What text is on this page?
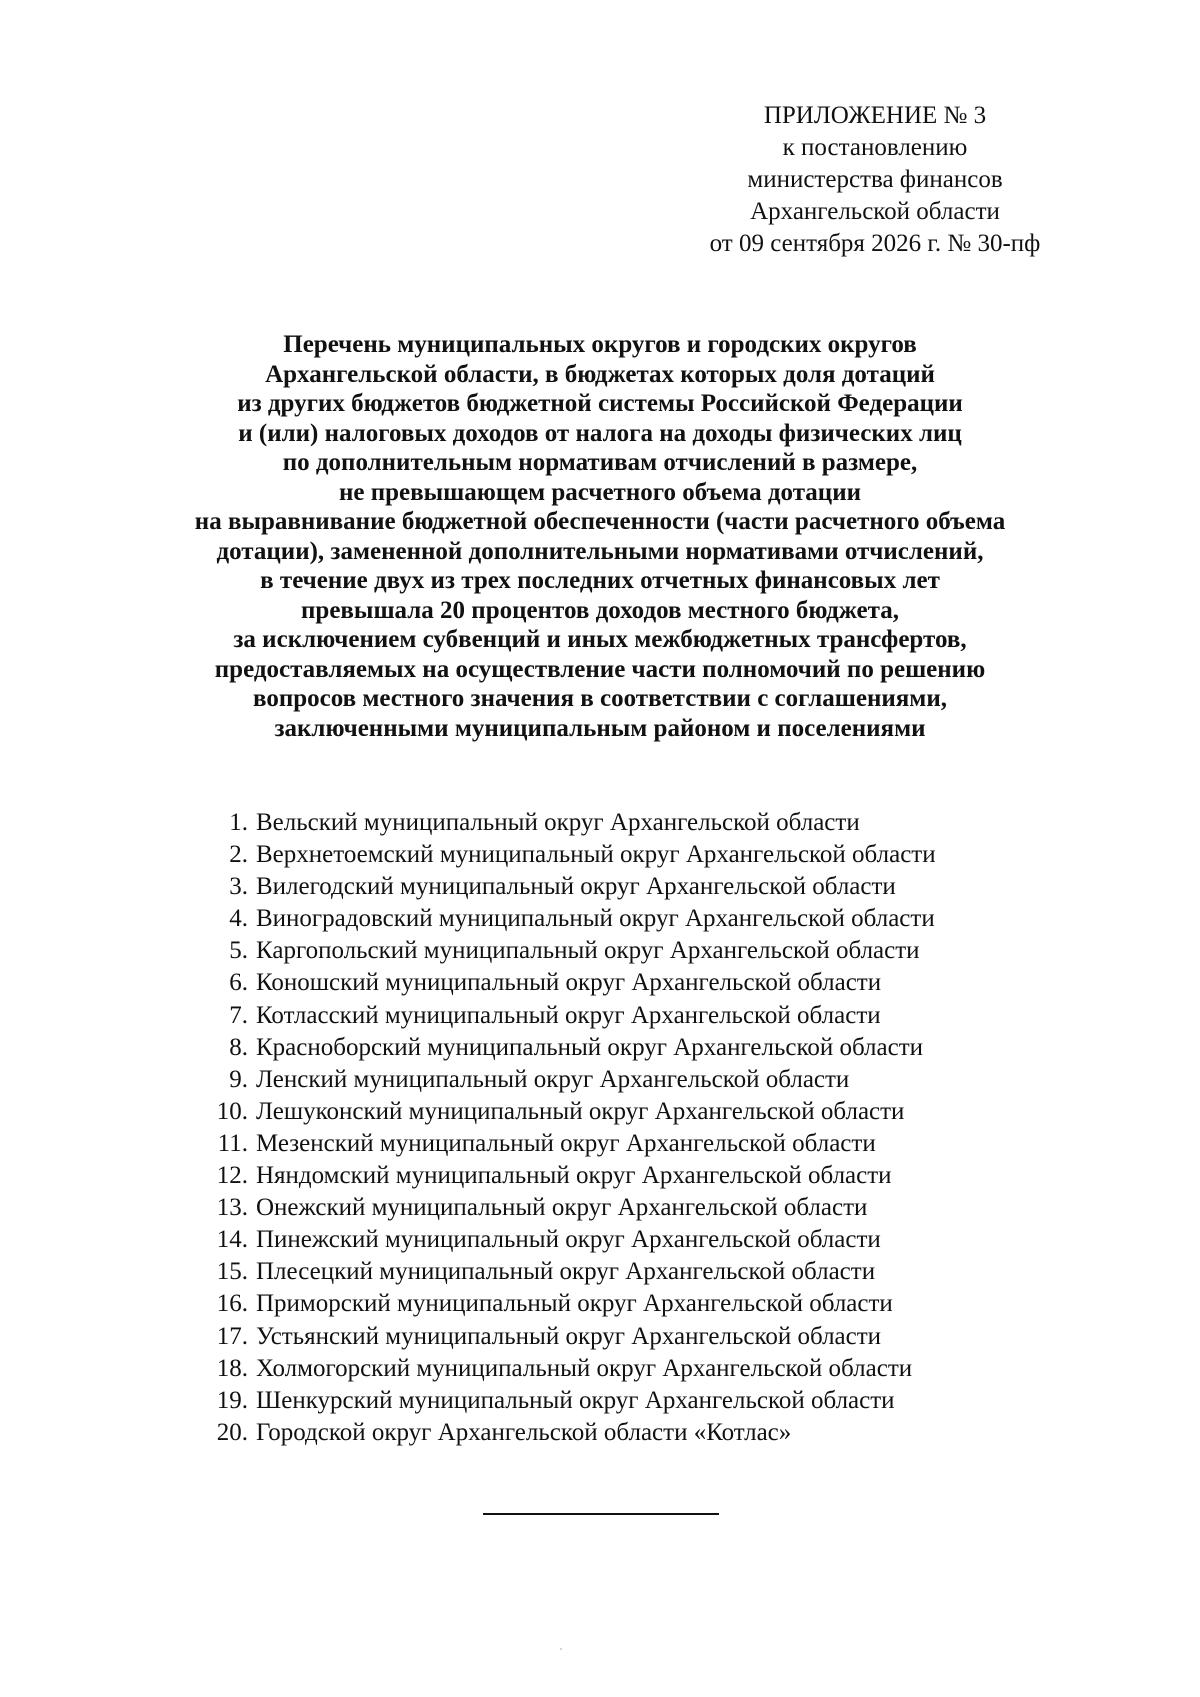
ПРИЛОЖЕНИЕ № 3
к постановлению
министерства финансов
Архангельской области
от 09 сентября 2026 г. № 30-пф
Перечень муниципальных округов и городских округов
Архангельской области, в бюджетах которых доля дотаций
из других бюджетов бюджетной системы Российской Федерации
и (или) налоговых доходов от налога на доходы физических лиц
по дополнительным нормативам отчислений в размере,
не превышающем расчетного объема дотации
на выравнивание бюджетной обеспеченности (части расчетного объема
дотации), замененной дополнительными нормативами отчислений,
в течение двух из трех последних отчетных финансовых лет
превышала 20 процентов доходов местного бюджета,
за исключением субвенций и иных межбюджетных трансфертов,
предоставляемых на осуществление части полномочий по решению
вопросов местного значения в соответствии с соглашениями,
заключенными муниципальным районом и поселениями
1. Вельский муниципальный округ Архангельской области
2. Верхнетоемский муниципальный округ Архангельской области
3. Вилегодский муниципальный округ Архангельской области
4. Виноградовский муниципальный округ Архангельской области
5. Каргопольский муниципальный округ Архангельской области
6. Коношский муниципальный округ Архангельской области
7. Котласский муниципальный округ Архангельской области
8. Красноборский муниципальный округ Архангельской области
9. Ленский муниципальный округ Архангельской области
10. Лешуконский муниципальный округ Архангельской области
11. Мезенский муниципальный округ Архангельской области
12. Няндомский муниципальный округ Архангельской области
13. Онежский муниципальный округ Архангельской области
14. Пинежский муниципальный округ Архангельской области
15. Плесецкий муниципальный округ Архангельской области
16. Приморский муниципальный округ Архангельской области
17. Устьянский муниципальный округ Архангельской области
18. Холмогорский муниципальный округ Архангельской области
19. Шенкурский муниципальный округ Архангельской области
20. Городской округ Архангельской области «Котлас»
